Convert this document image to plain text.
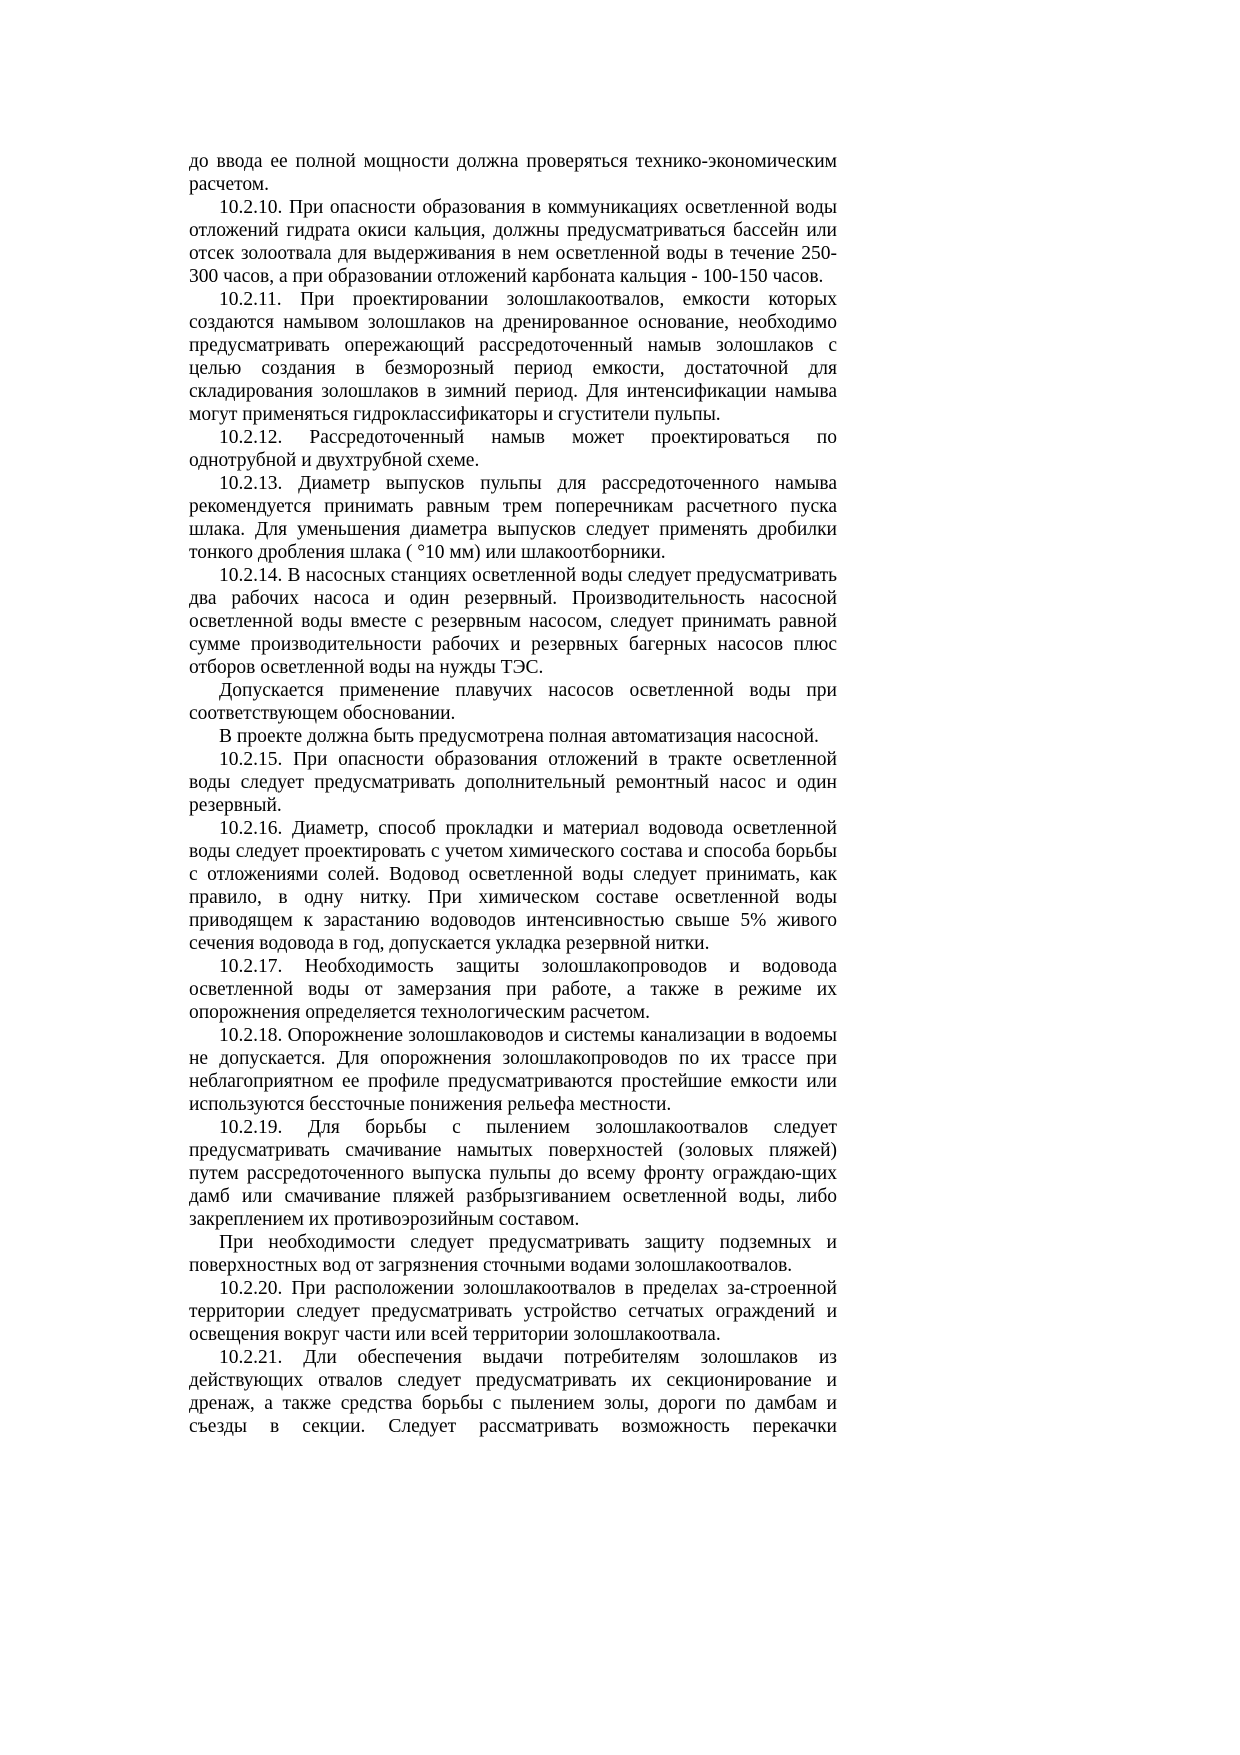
до ввода ее полной мощности должна проверяться технико-экономическим расчетом.

10.2.10. При опасности образования в коммуникациях осветленной воды отложений гидрата окиси кальция, должны предусматриваться бассейн или отсек золоотвала для выдерживания в нем осветленной воды в течение 250-300 часов, а при образовании отложений карбоната кальция - 100-150 часов.

10.2.11. При проектировании золошлакоотвалов, емкости которых создаются намывом золошлаков на дренированное основание, необходимо предусматривать опережающий рассредоточенный намыв золошлаков с целью создания в безморозный период емкости, достаточной для складирования золошлаков в зимний период. Для интенсификации намыва могут применяться гидроклассификаторы и сгустители пульпы.

10.2.12. Рассредоточенный намыв может проектироваться по однотрубной и двухтрубной схеме.

10.2.13. Диаметр выпусков пульпы для рассредоточенного намыва рекомендуется принимать равным трем поперечникам расчетного пуска шлака. Для уменьшения диаметра выпусков следует применять дробилки тонкого дробления шлака ( °10 мм) или шлакоотборники.

10.2.14. В насосных станциях осветленной воды следует предусматривать два рабочих насоса и один резервный. Производительность насосной осветленной воды вместе с резервным насосом, следует принимать равной сумме производительности рабочих и резервных багерных насосов плюс отборов осветленной воды на нужды ТЭС.

Допускается применение плавучих насосов осветленной воды при соответствующем обосновании.

В проекте должна быть предусмотрена полная автоматизация насосной.

10.2.15. При опасности образования отложений в тракте осветленной воды следует предусматривать дополнительный ремонтный насос и один резервный.

10.2.16. Диаметр, способ прокладки и материал водовода осветленной воды следует проектировать с учетом химического состава и способа борьбы с отложениями солей. Водовод осветленной воды следует принимать, как правило, в одну нитку. При химическом составе осветленной воды приводящем к зарастанию водоводов интенсивностью свыше 5% живого сечения водовода в год, допускается укладка резервной нитки.

10.2.17. Необходимость защиты золошлакопроводов и водовода осветленной воды от замерзания при работе, а также в режиме их опорожнения определяется технологическим расчетом.

10.2.18. Опорожнение золошлаководов и системы канализации в водоемы не допускается. Для опорожнения золошлакопроводов по их трассе при неблагоприятном ее профиле предусматриваются простейшие емкости или используются бессточные понижения рельефа местности.

10.2.19. Для борьбы с пылением золошлакоотвалов следует предусматривать смачивание намытых поверхностей (золовых пляжей) путем рассредоточенного выпуска пульпы до всему фронту ограждаю-щих дамб или смачивание пляжей разбрызгиванием осветленной воды, либо закреплением их противоэрозийным составом.

При необходимости следует предусматривать защиту подземных и поверхностных вод от загрязнения сточными водами золошлакоотвалов.

10.2.20. При расположении золошлакоотвалов в пределах за-строенной территории следует предусматривать устройство сетчатых ограждений и освещения вокруг части или всей территории золошлакоотвала.

10.2.21. Дли обеспечения выдачи потребителям золошлаков из действующих отвалов следует предусматривать их секционирование и дренаж, а также средства борьбы с пылением золы, дороги по дамбам и съезды в секции. Следует рассматривать возможность перекачки
